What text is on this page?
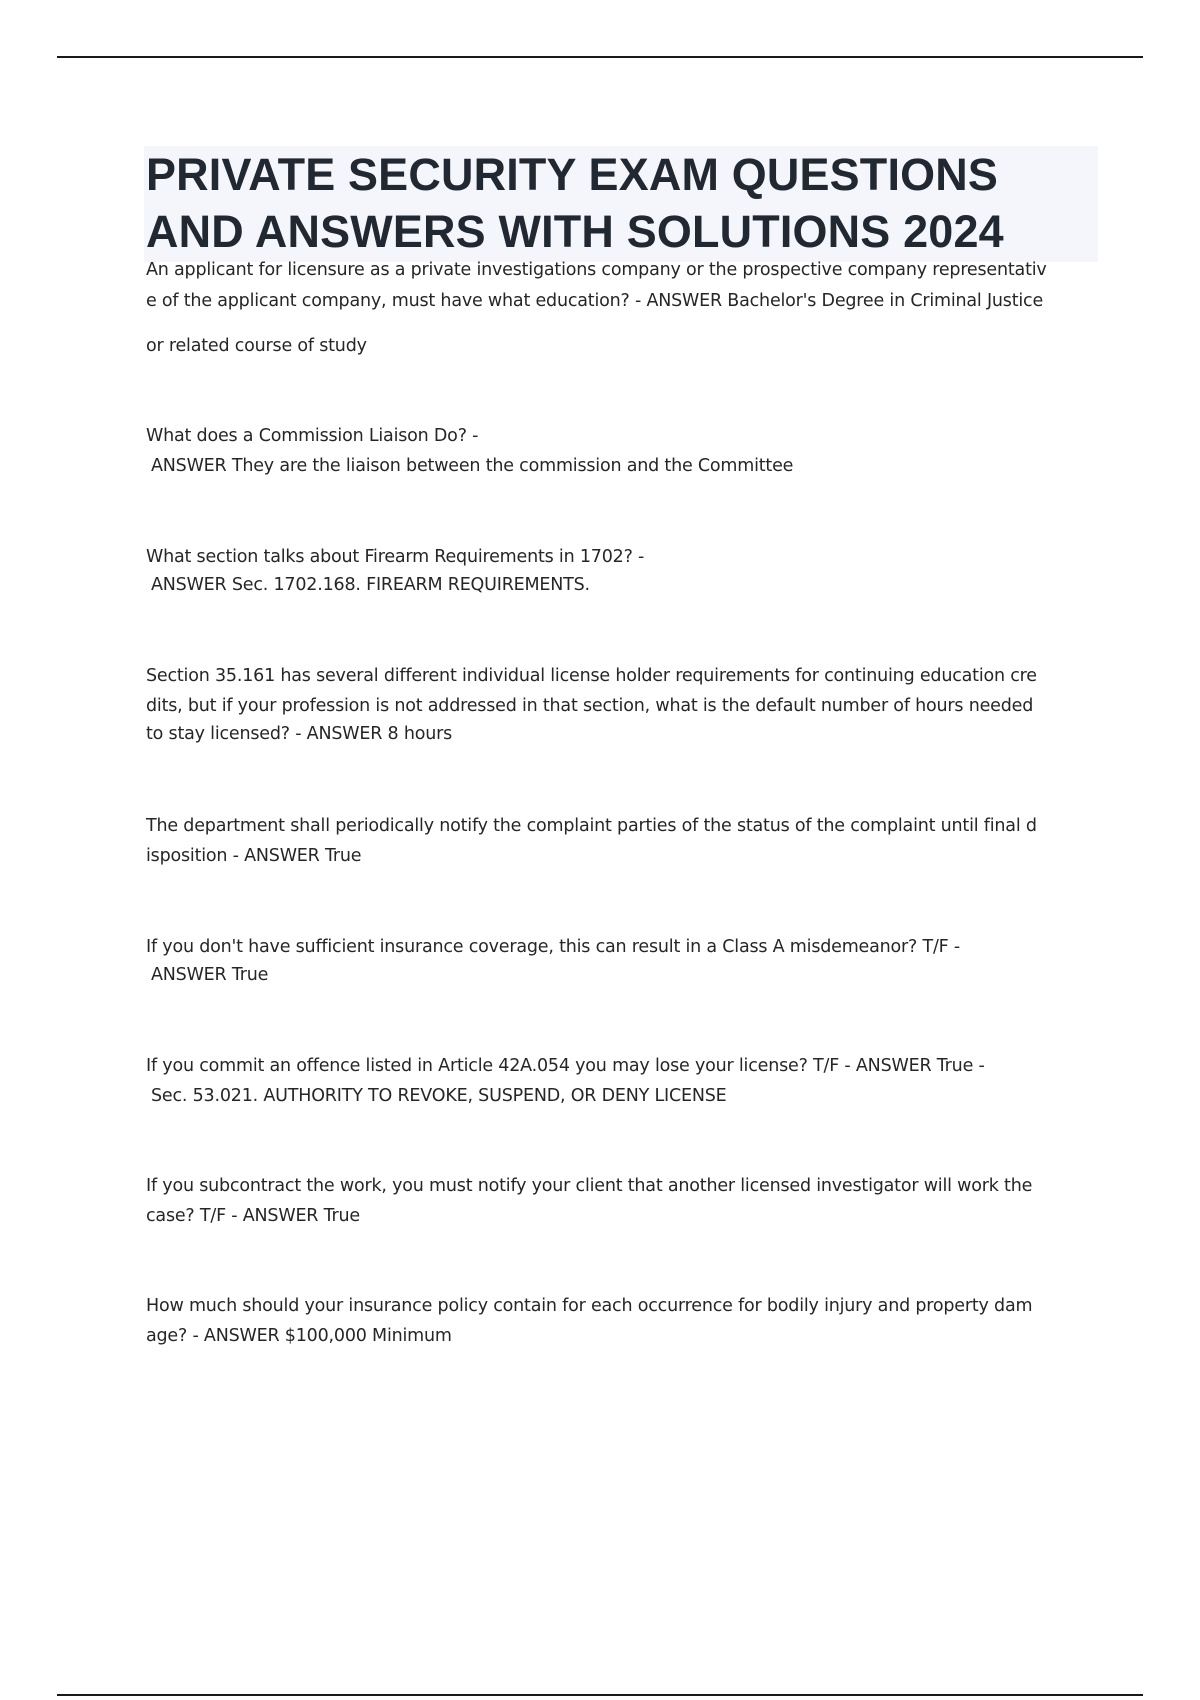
PRIVATE SECURITY EXAM QUESTIONS
AND ANSWERS WITH SOLUTIONS 2024
An applicant for licensure as a private investigations company or the prospective company representativ
e of the applicant company, must have what education? - ANSWER Bachelor's Degree in Criminal Justice
or related course of study
What does a Commission Liaison Do? -
ANSWER They are the liaison between the commission and the Committee
What section talks about Firearm Requirements in 1702? -
ANSWER Sec. 1702.168. FIREARM REQUIREMENTS.
Section 35.161 has several different individual license holder requirements for continuing education cre
dits, but if your profession is not addressed in that section, what is the default number of hours needed
to stay licensed? - ANSWER 8 hours
The department shall periodically notify the complaint parties of the status of the complaint until final d
isposition - ANSWER True
If you don't have sufficient insurance coverage, this can result in a Class A misdemeanor? T/F -
ANSWER True
If you commit an offence listed in Article 42A.054 you may lose your license? T/F - ANSWER True -
Sec. 53.021. AUTHORITY TO REVOKE, SUSPEND, OR DENY LICENSE
If you subcontract the work, you must notify your client that another licensed investigator will work the
case? T/F - ANSWER True
How much should your insurance policy contain for each occurrence for bodily injury and property dam
age? - ANSWER $100,000 Minimum
